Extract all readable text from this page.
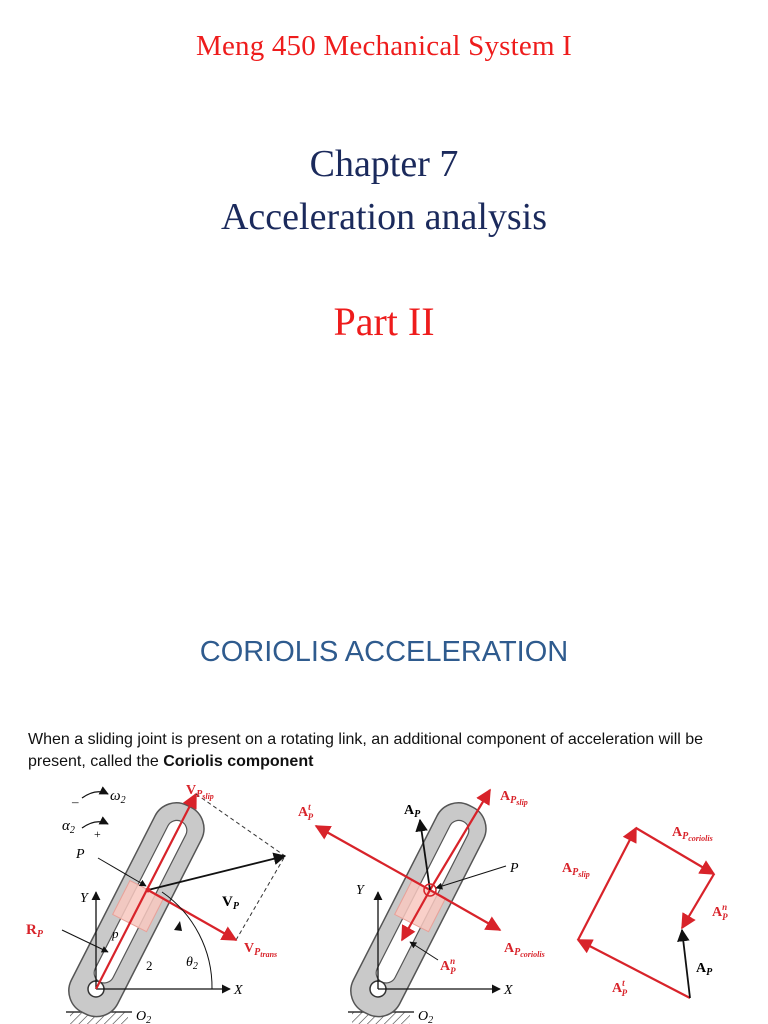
Meng 450 Mechanical System I
Chapter 7
Acceleration analysis
Part II
CORIOLIS ACCELERATION
When a sliding joint is present on a rotating link, an additional component of acceleration will be present, called the Coriolis component
– $\omega_2$
$\alpha_2$ +
$V_Pslip$
P
Y	$V_P$
$R_P$	p
2 $\theta_2$
$V_Ptrans$
X
$O_2$
$A^t$ P	$A_P$
$A_Pslip$
P
Y
$A_Pcoriolis$
$A^n$ P
X
$O_2$
$A_Pcoriolis$
$A_Pslip$
$A^n$ P
$A_P$
$A^t$ P
